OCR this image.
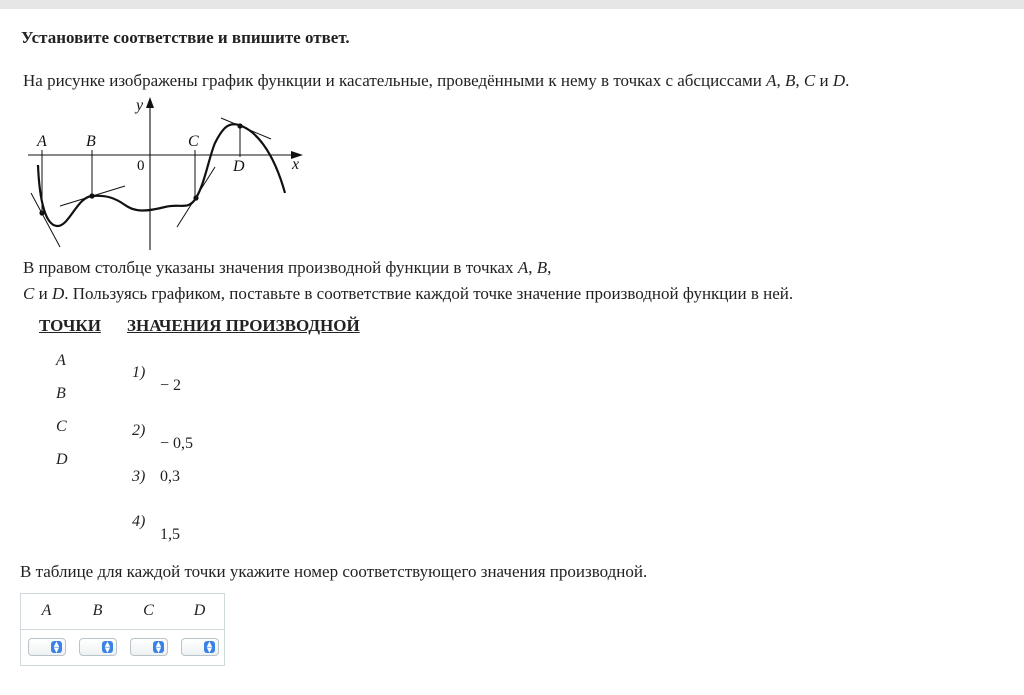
Установите соответствие и впишите ответ.
На рисунке изображены график функции и касательные, проведёнными к нему в точках с абсциссами A, B, C и D.
y
x
A B	C
D
0
В правом столбце указаны значения производной функции в точках A, B,
C и D. Пользуясь графиком, поставьте в соответствие каждой точке значение производной функции в ней.
ТОЧКИ ЗНАЧЕНИЯ ПРОИЗВОДНОЙ
A
B
C
D
1)
− 2
2)
− 0,5
3) 0,3
4)
1,5
В таблице для каждой точки укажите номер соответствующего значения производной.
A	B	C	D
▲
▼
▲
▼
▲
▼
▲
▼
